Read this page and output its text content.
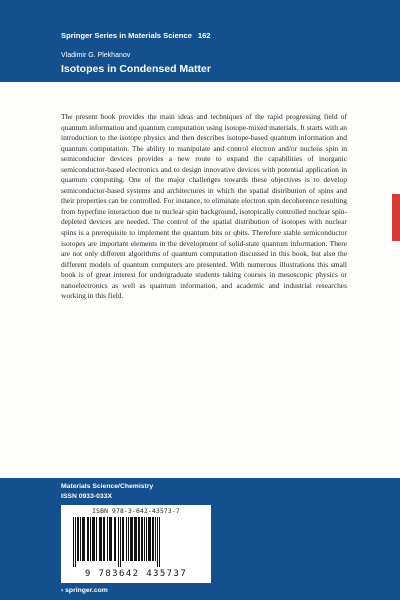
Springer Series in Materials Science 162
Vladimir G. Plekhanov
Isotopes in Condensed Matter

The present book provides the main ideas and techniques of the rapid progressing field of quantum information and quantum computation using isotope-mixed materials. It starts with an introduction to the isotope physics and then describes isotope-based quantum information and quantum computation. The ability to manipulate and control electron and/or nucleus spin in semiconductor devices provides a new route to expand the capabilities of inorganic semiconductor-based electronics and to design innovative devices with potential application in quantum computing. One of the major challenges towards these objectives is to develop semiconductor-based systems and architectures in which the spatial distribution of spins and their properties can be controlled. For instance, to eliminate electron spin decoherence resulting from hyperfine interaction due to nuclear spin background, isotopically controlled nuclear spin-depleted devices are needed. The control of the spatial distribution of isotopes with nuclear spins is a prerequisite to implement the quantum bits or qbits. Therefore stable semiconductor isotopes are important elements in the development of solid-state quantum information. There are not only different algorithms of quantum computation discussed in this book, but also the different models of quantum computers are presented. With numerous illustrations this small book is of great interest for undergraduate students taking courses in mesoscopic physics or nanoelectronics as well as quantum information, and academic and industrial researches working in this field.

Materials Science/Chemistry
ISSN 0933-033X
ISBN 978-3-642-43573-7
9 783642 435737
› springer.com
